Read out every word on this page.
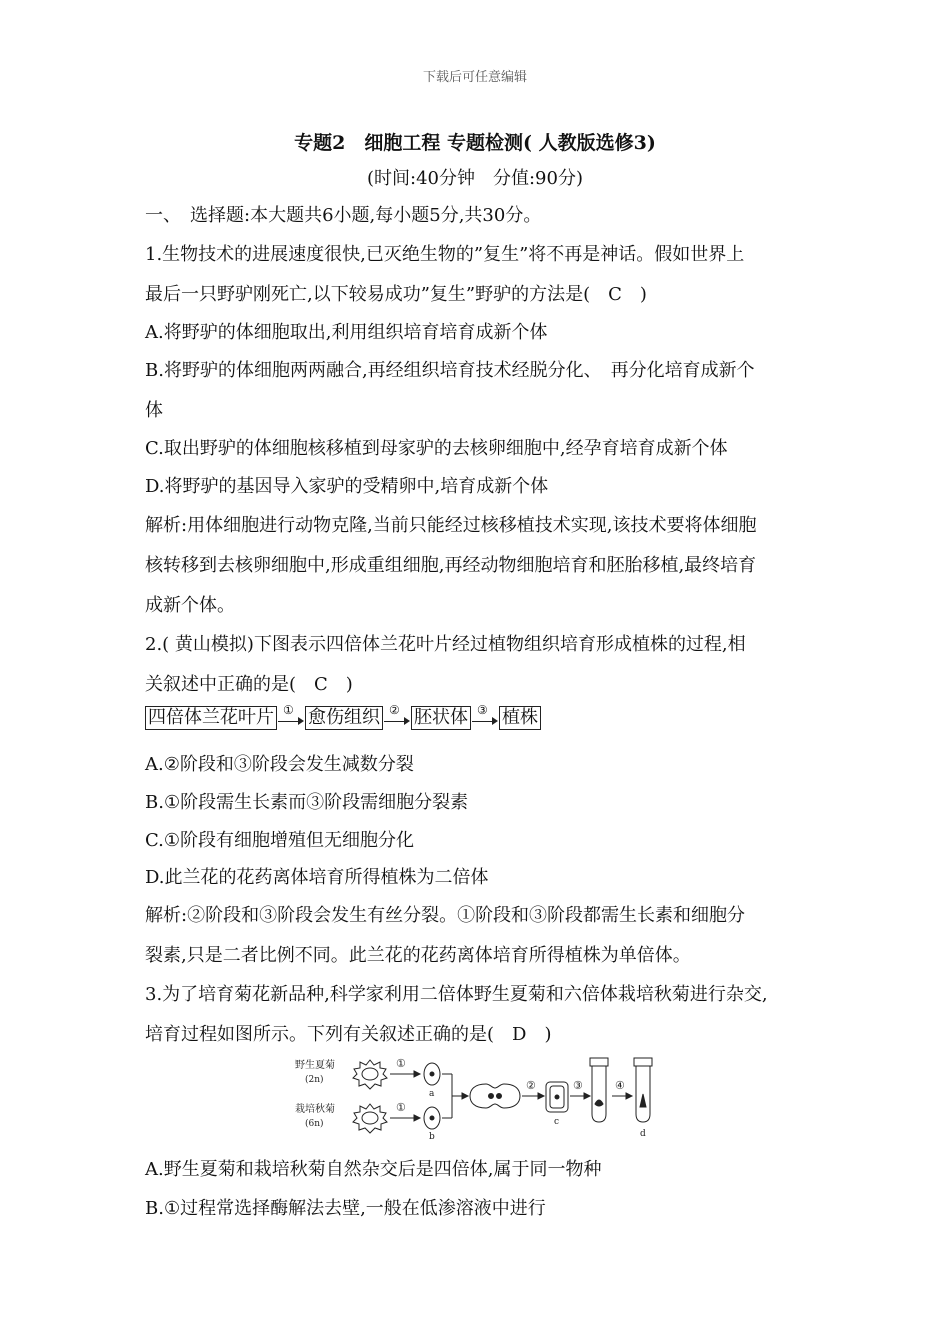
下载后可任意编辑
专题2　细胞工程 专题检测( 人教版选修3)
(时间:40分钟　分值:90分)
一、　选择题:本大题共6小题,每小题5分,共30分。
1.生物技术的进展速度很快,已灭绝生物的”复生”将不再是神话。假如世界上
最后一只野驴刚死亡,以下较易成功”复生”野驴的方法是(　C　)
A.将野驴的体细胞取出,利用组织培育培育成新个体
B.将野驴的体细胞两两融合,再经组织培育技术经脱分化、　再分化培育成新个
体
C.取出野驴的体细胞核移植到母家驴的去核卵细胞中,经孕育培育成新个体
D.将野驴的基因导入家驴的受精卵中,培育成新个体
解析:用体细胞进行动物克隆,当前只能经过核移植技术实现,该技术要将体细胞
核转移到去核卵细胞中,形成重组细胞,再经动物细胞培育和胚胎移植,最终培育
成新个体。
2.( 黄山模拟)下图表示四倍体兰花叶片经过植物组织培育形成植株的过程,相
关叙述中正确的是(　C　)
四倍体兰花叶片 ① 愈伤组织 ② 胚状体 ③ 植株
A.②阶段和③阶段会发生减数分裂
B.①阶段需生长素而③阶段需细胞分裂素
C.①阶段有细胞增殖但无细胞分化
D.此兰花的花药离体培育所得植株为二倍体
解析:②阶段和③阶段会发生有丝分裂。①阶段和③阶段都需生长素和细胞分
裂素,只是二者比例不同。此兰花的花药离体培育所得植株为单倍体。
3.为了培育菊花新品种,科学家利用二倍体野生夏菊和六倍体栽培秋菊进行杂交,
培育过程如图所示。下列有关叙述正确的是(　D　)
野生夏菊
(2n)
栽培秋菊
(6n)
①
①
a
b
②
c
③	④
d
A.野生夏菊和栽培秋菊自然杂交后是四倍体,属于同一物种
B.①过程常选择酶解法去壁,一般在低渗溶液中进行
